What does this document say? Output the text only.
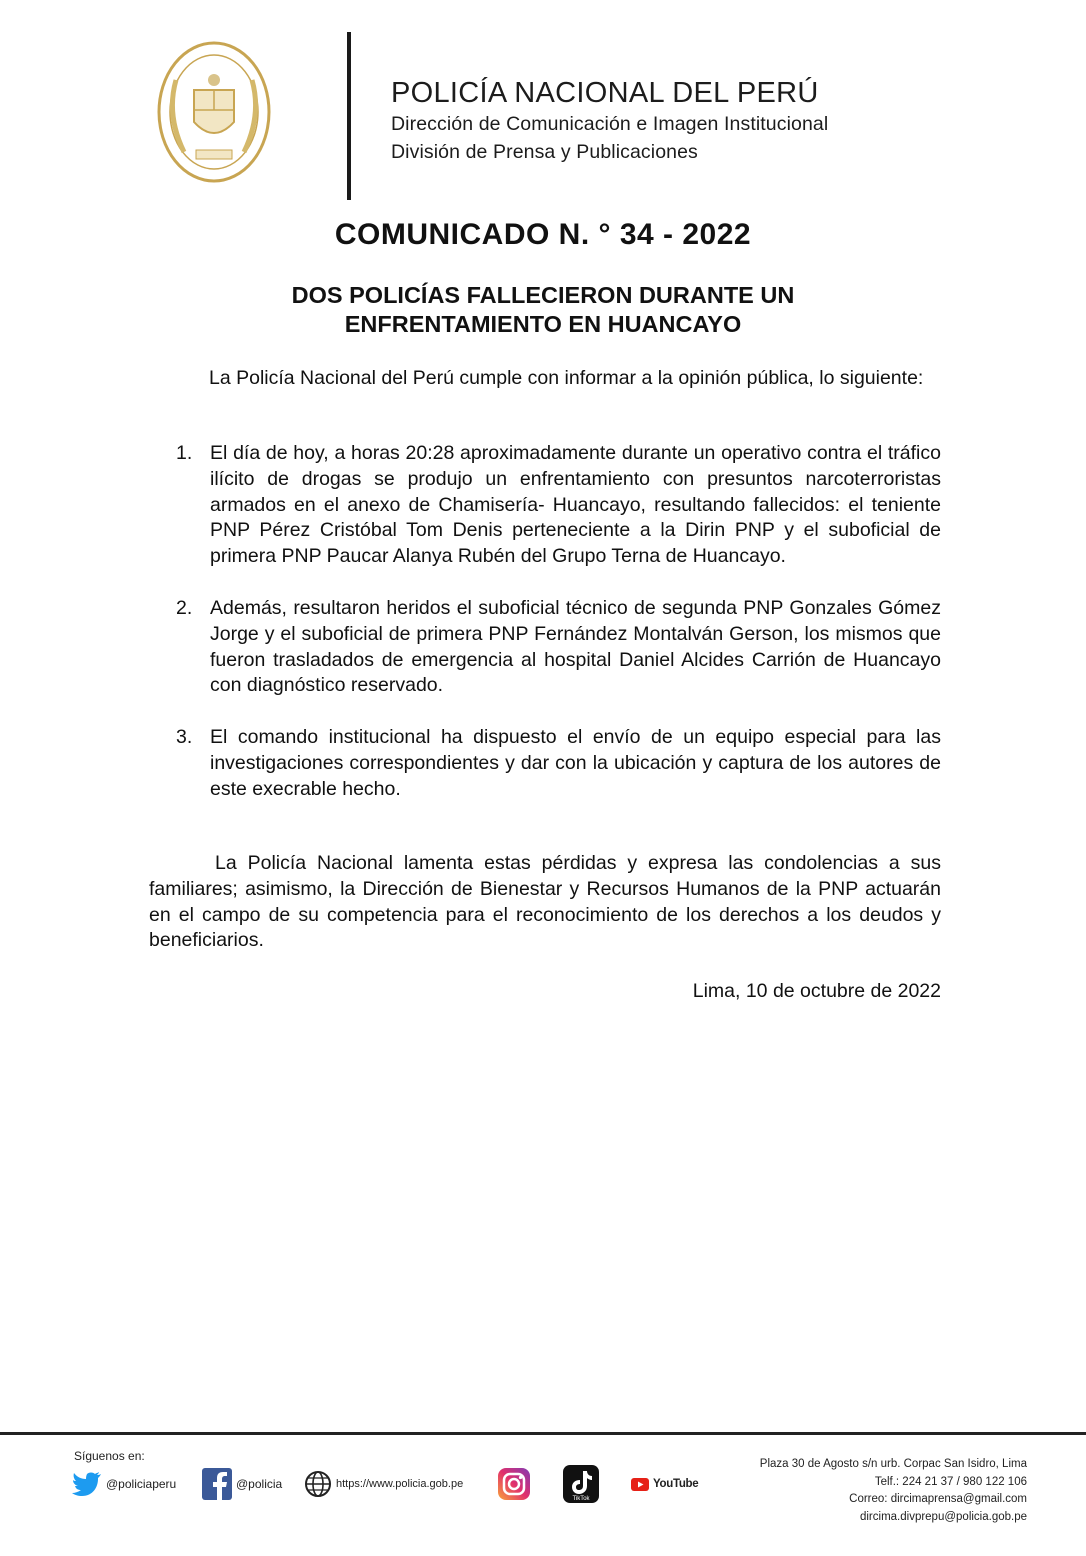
POLICÍA NACIONAL DEL PERÚ
Dirección de Comunicación e Imagen Institucional
División de Prensa y Publicaciones
COMUNICADO N. ° 34 - 2022
DOS POLICÍAS FALLECIERON DURANTE UN
ENFRENTAMIENTO EN HUANCAYO
La Policía Nacional del Perú cumple con informar a la opinión pública, lo siguiente:
1. El día de hoy, a horas 20:28 aproximadamente durante un operativo contra el tráfico ilícito de drogas se produjo un enfrentamiento con presuntos narcoterroristas armados en el anexo de Chamisería- Huancayo, resultando fallecidos: el teniente PNP Pérez Cristóbal Tom Denis perteneciente a la Dirin PNP y el suboficial de primera PNP Paucar Alanya Rubén del Grupo Terna de Huancayo.
2. Además, resultaron heridos el suboficial técnico de segunda PNP Gonzales Gómez Jorge y el suboficial de primera PNP Fernández Montalván Gerson, los mismos que fueron trasladados de emergencia al hospital Daniel Alcides Carrión de Huancayo con diagnóstico reservado.
3. El comando institucional ha dispuesto el envío de un equipo especial para las investigaciones correspondientes y dar con la ubicación y captura de los autores de este execrable hecho.
La Policía Nacional lamenta estas pérdidas y expresa las condolencias a sus familiares; asimismo, la Dirección de Bienestar y Recursos Humanos de la PNP actuarán en el campo de su competencia para el reconocimiento de los derechos a los deudos y beneficiarios.
Lima, 10 de octubre de 2022
Síguenos en:
@policiaperu	@policia	https://www.policia.gob.pe
TikTok
YouTube
Plaza 30 de Agosto s/n urb. Corpac San Isidro, Lima
Telf.: 224 21 37 / 980 122 106
Correo: dircimaprensa@gmail.com
dircima.divprepu@policia.gob.pe
